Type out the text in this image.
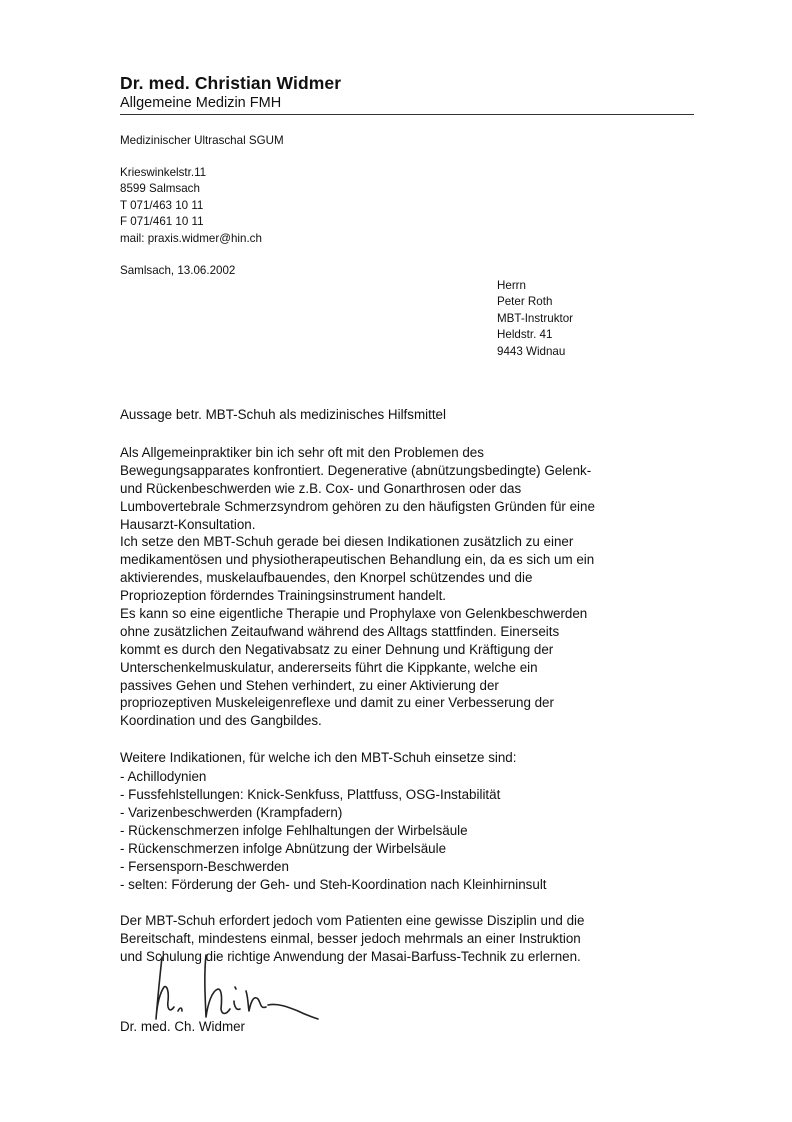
Dr. med. Christian Widmer
Allgemeine Medizin FMH
Medizinischer Ultraschal SGUM
Krieswinkelstr.11
8599 Salmsach
T 071/463 10 11
F 071/461 10 11
mail: praxis.widmer@hin.ch
Samlsach, 13.06.2002
Herrn
Peter Roth
MBT-Instruktor
Heldstr. 41
9443 Widnau
Aussage betr. MBT-Schuh als medizinisches Hilfsmittel
Als Allgemeinpraktiker bin ich sehr oft mit den Problemen des
Bewegungsapparates konfrontiert. Degenerative (abnützungsbedingte) Gelenk-
und Rückenbeschwerden wie z.B. Cox- und Gonarthrosen oder das
Lumbovertebrale Schmerzsyndrom gehören zu den häufigsten Gründen für eine
Hausarzt-Konsultation.
Ich setze den MBT-Schuh gerade bei diesen Indikationen zusätzlich zu einer
medikamentösen und physiotherapeutischen Behandlung ein, da es sich um ein
aktivierendes, muskelaufbauendes, den Knorpel schützendes und die
Propriozeption förderndes Trainingsinstrument handelt.
Es kann so eine eigentliche Therapie und Prophylaxe von Gelenkbeschwerden
ohne zusätzlichen Zeitaufwand während des Alltags stattfinden. Einerseits
kommt es durch den Negativabsatz zu einer Dehnung und Kräftigung der
Unterschenkelmuskulatur, andererseits führt die Kippkante, welche ein
passives Gehen und Stehen verhindert, zu einer Aktivierung der
propriozeptiven Muskeleigenreflexe und damit zu einer Verbesserung der
Koordination und des Gangbildes.
Weitere Indikationen, für welche ich den MBT-Schuh einsetze sind:
- Achillodynien
- Fussfehlstellungen: Knick-Senkfuss, Plattfuss, OSG-Instabilität
- Varizenbeschwerden (Krampfadern)
- Rückenschmerzen infolge Fehlhaltungen der Wirbelsäule
- Rückenschmerzen infolge Abnützung der Wirbelsäule
- Fersensporn-Beschwerden
- selten: Förderung der Geh- und Steh-Koordination nach Kleinhirninsult
Der MBT-Schuh erfordert jedoch vom Patienten eine gewisse Disziplin und die
Bereitschaft, mindestens einmal, besser jedoch mehrmals an einer Instruktion
und Schulung die richtige Anwendung der Masai-Barfuss-Technik zu erlernen.
Dr. med. Ch. Widmer
